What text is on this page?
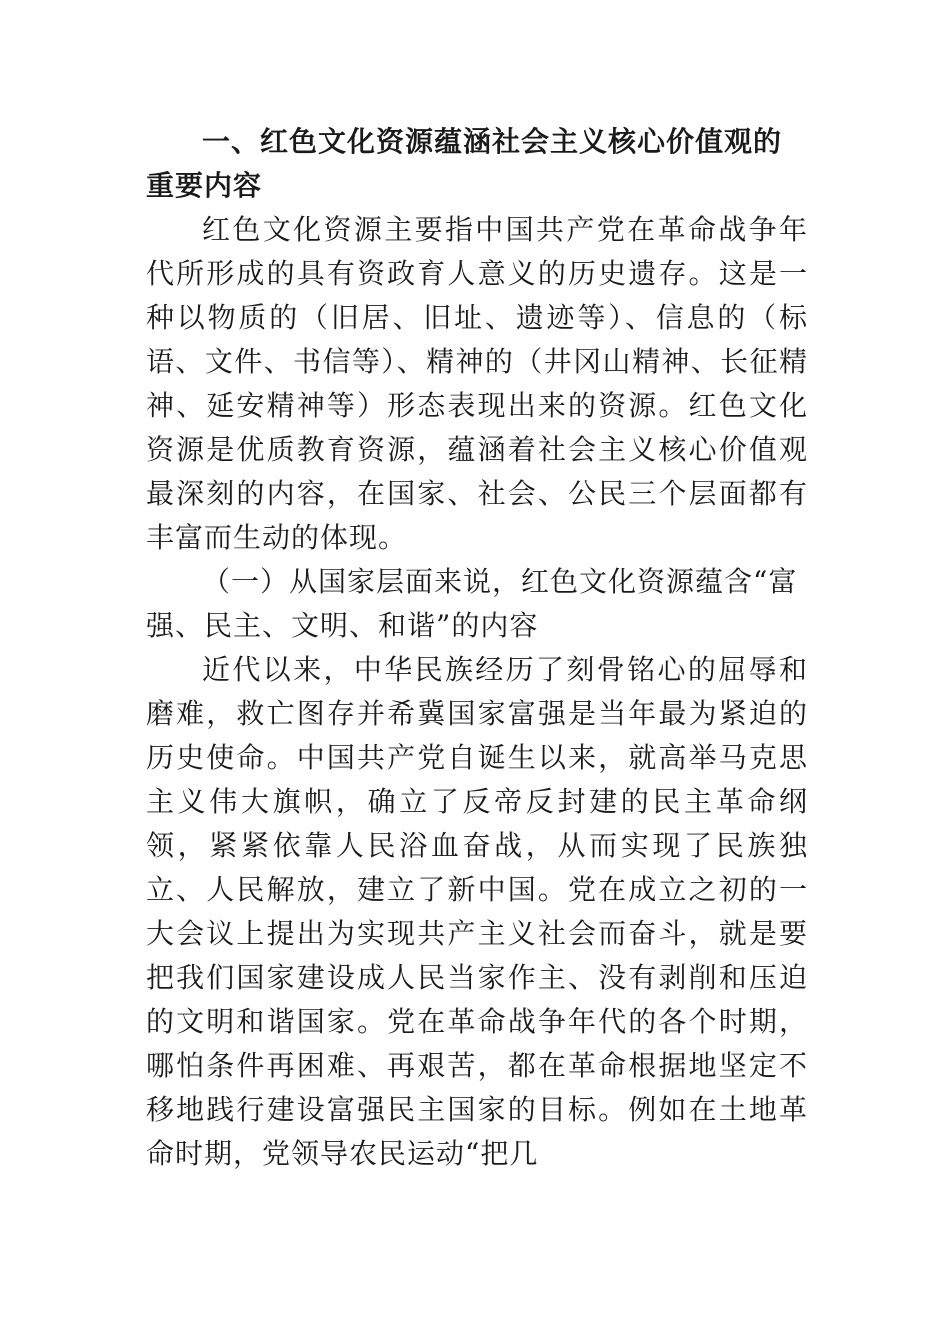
一、红色文化资源蕴涵社会主义核心价值观的重要内容

红色文化资源主要指中国共产党在革命战争年代所形成的具有资政育人意义的历史遗存。这是一种以物质的（旧居、旧址、遗迹等）、信息的（标语、文件、书信等）、精神的（井冈山精神、长征精神、延安精神等）形态表现出来的资源。红色文化资源是优质教育资源，蕴涵着社会主义核心价值观最深刻的内容，在国家、社会、公民三个层面都有丰富而生动的体现。

（一）从国家层面来说，红色文化资源蕴含“富强、民主、文明、和谐”的内容

近代以来，中华民族经历了刻骨铭心的屈辱和磨难，救亡图存并希冀国家富强是当年最为紧迫的历史使命。中国共产党自诞生以来，就高举马克思主义伟大旗帜，确立了反帝反封建的民主革命纲领，紧紧依靠人民浴血奋战，从而实现了民族独立、人民解放，建立了新中国。党在成立之初的一大会议上提出为实现共产主义社会而奋斗，就是要把我们国家建设成人民当家作主、没有剥削和压迫的文明和谐国家。党在革命战争年代的各个时期，哪怕条件再困难、再艰苦，都在革命根据地坚定不移地践行建设富强民主国家的目标。例如在土地革命时期，党领导农民运动“把几
